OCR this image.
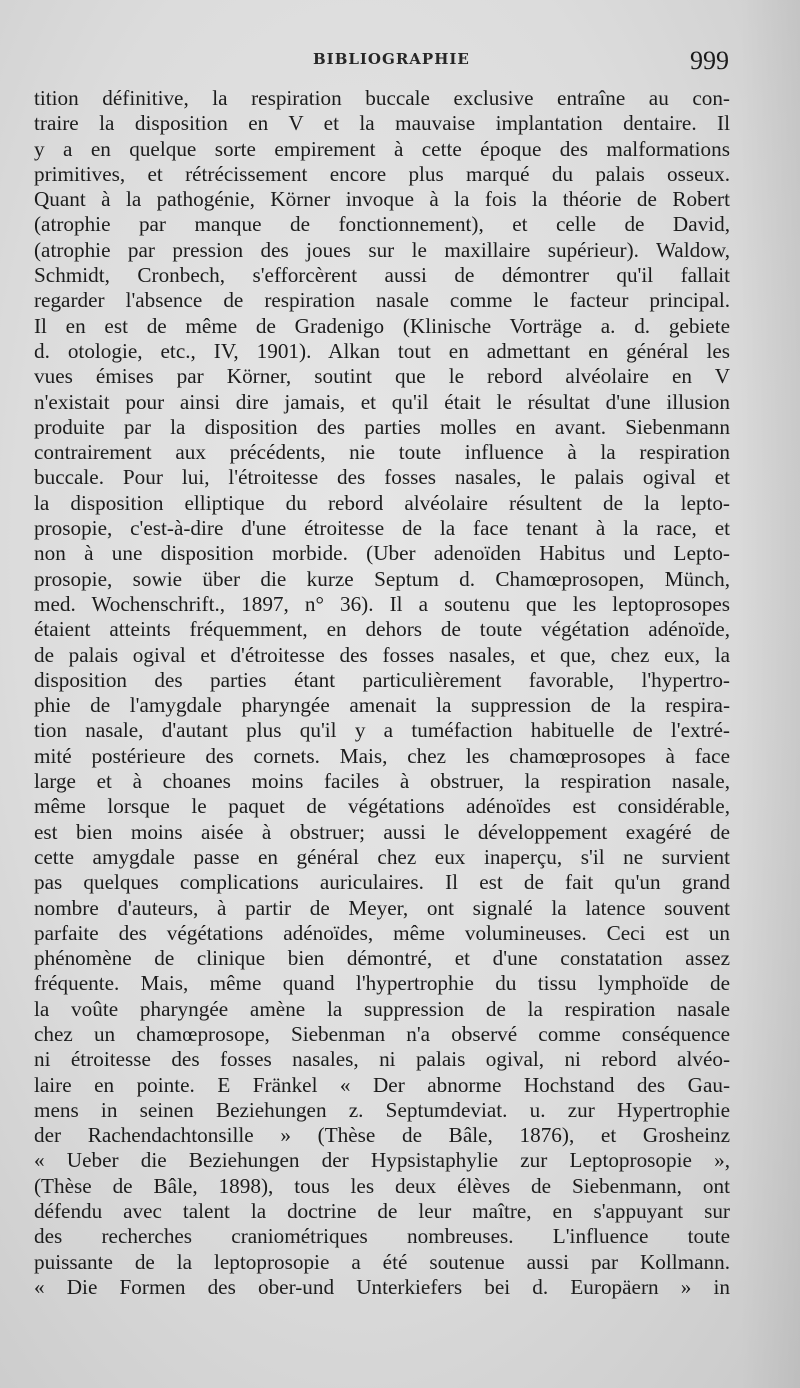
BIBLIOGRAPHIE	999
tition définitive, la respiration buccale exclusive entraîne au con-
traire la disposition en V et la mauvaise implantation dentaire. Il
y a en quelque sorte empirement à cette époque des malformations
primitives, et rétrécissement encore plus marqué du palais osseux.
Quant à la pathogénie, Körner invoque à la fois la théorie de Robert
(atrophie par manque de fonctionnement), et celle de David,
(atrophie par pression des joues sur le maxillaire supérieur). Waldow,
Schmidt, Cronbech, s'efforcèrent aussi de démontrer qu'il fallait
regarder l'absence de respiration nasale comme le facteur principal.
Il en est de même de Gradenigo (Klinische Vorträge a. d. gebiete
d. otologie, etc., IV, 1901). Alkan tout en admettant en général les
vues émises par Körner, soutint que le rebord alvéolaire en V
n'existait pour ainsi dire jamais, et qu'il était le résultat d'une illusion
produite par la disposition des parties molles en avant. Siebenmann
contrairement aux précédents, nie toute influence à la respiration
buccale. Pour lui, l'étroitesse des fosses nasales, le palais ogival et
la disposition elliptique du rebord alvéolaire résultent de la lepto-
prosopie, c'est-à-dire d'une étroitesse de la face tenant à la race, et
non à une disposition morbide. (Uber adenoïden Habitus und Lepto-
prosopie, sowie über die kurze Septum d. Chamœprosopen, Münch,
med. Wochenschrift., 1897, n° 36). Il a soutenu que les leptoprosopes
étaient atteints fréquemment, en dehors de toute végétation adénoïde,
de palais ogival et d'étroitesse des fosses nasales, et que, chez eux, la
disposition des parties étant particulièrement favorable, l'hypertro-
phie de l'amygdale pharyngée amenait la suppression de la respira-
tion nasale, d'autant plus qu'il y a tuméfaction habituelle de l'extré-
mité postérieure des cornets. Mais, chez les chamœprosopes à face
large et à choanes moins faciles à obstruer, la respiration nasale,
même lorsque le paquet de végétations adénoïdes est considérable,
est bien moins aisée à obstruer; aussi le développement exagéré de
cette amygdale passe en général chez eux inaperçu, s'il ne survient
pas quelques complications auriculaires. Il est de fait qu'un grand
nombre d'auteurs, à partir de Meyer, ont signalé la latence souvent
parfaite des végétations adénoïdes, même volumineuses. Ceci est un
phénomène de clinique bien démontré, et d'une constatation assez
fréquente. Mais, même quand l'hypertrophie du tissu lymphoïde de
la voûte pharyngée amène la suppression de la respiration nasale
chez un chamœprosope, Siebenman n'a observé comme conséquence
ni étroitesse des fosses nasales, ni palais ogival, ni rebord alvéo-
laire en pointe. E Fränkel « Der abnorme Hochstand des Gau-
mens in seinen Beziehungen z. Septumdeviat. u. zur Hypertrophie
der Rachendachtonsille » (Thèse de Bâle, 1876), et Grosheinz
« Ueber die Beziehungen der Hypsistaphylie zur Leptoprosopie »,
(Thèse de Bâle, 1898), tous les deux élèves de Siebenmann, ont
défendu avec talent la doctrine de leur maître, en s'appuyant sur
des recherches craniométriques nombreuses. L'influence toute
puissante de la leptoprosopie a été soutenue aussi par Kollmann.
« Die Formen des ober-und Unterkiefers bei d. Europäern » in
